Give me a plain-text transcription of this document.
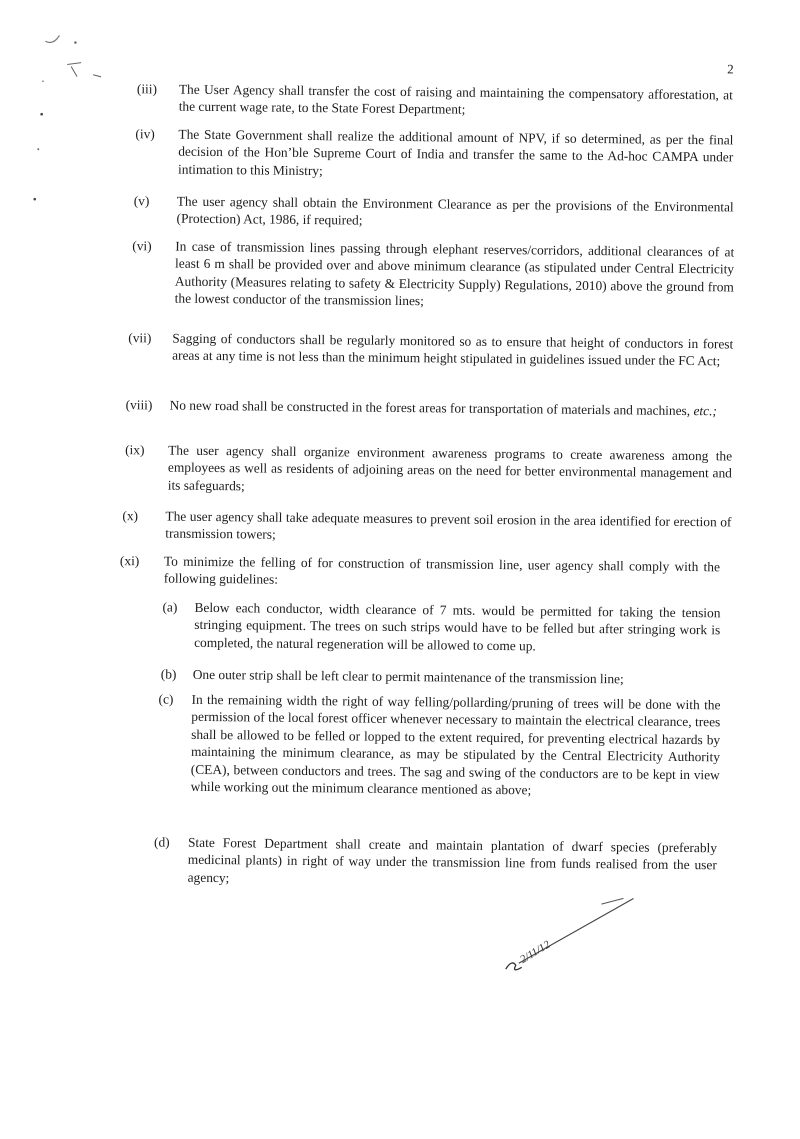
2
(iii) The User Agency shall transfer the cost of raising and maintaining the compensatory afforestation, at the current wage rate, to the State Forest Department;
(iv) The State Government shall realize the additional amount of NPV, if so determined, as per the final decision of the Hon’ble Supreme Court of India and transfer the same to the Ad-hoc CAMPA under intimation to this Ministry;
(v) The user agency shall obtain the Environment Clearance as per the provisions of the Environmental (Protection) Act, 1986, if required;
(vi) In case of transmission lines passing through elephant reserves/corridors, additional clearances of at least 6 m shall be provided over and above minimum clearance (as stipulated under Central Electricity Authority (Measures relating to safety & Electricity Supply) Regulations, 2010) above the ground from the lowest conductor of the transmission lines;
(vii) Sagging of conductors shall be regularly monitored so as to ensure that height of conductors in forest areas at any time is not less than the minimum height stipulated in guidelines issued under the FC Act;
(viii) No new road shall be constructed in the forest areas for transportation of materials and machines, etc.;
(ix) The user agency shall organize environment awareness programs to create awareness among the employees as well as residents of adjoining areas on the need for better environmental management and its safeguards;
(x) The user agency shall take adequate measures to prevent soil erosion in the area identified for erection of transmission towers;
(xi) To minimize the felling of for construction of transmission line, user agency shall comply with the following guidelines:
(a) Below each conductor, width clearance of 7 mts. would be permitted for taking the tension stringing equipment. The trees on such strips would have to be felled but after stringing work is completed, the natural regeneration will be allowed to come up.
(b) One outer strip shall be left clear to permit maintenance of the transmission line;
(c) In the remaining width the right of way felling/pollarding/pruning of trees will be done with the permission of the local forest officer whenever necessary to maintain the electrical clearance, trees shall be allowed to be felled or lopped to the extent required, for preventing electrical hazards by maintaining the minimum clearance, as may be stipulated by the Central Electricity Authority (CEA), between conductors and trees. The sag and swing of the conductors are to be kept in view while working out the minimum clearance mentioned as above;
(d) State Forest Department shall create and maintain plantation of dwarf species (preferably medicinal plants) in right of way under the transmission line from funds realised from the user agency;
2/11/12
